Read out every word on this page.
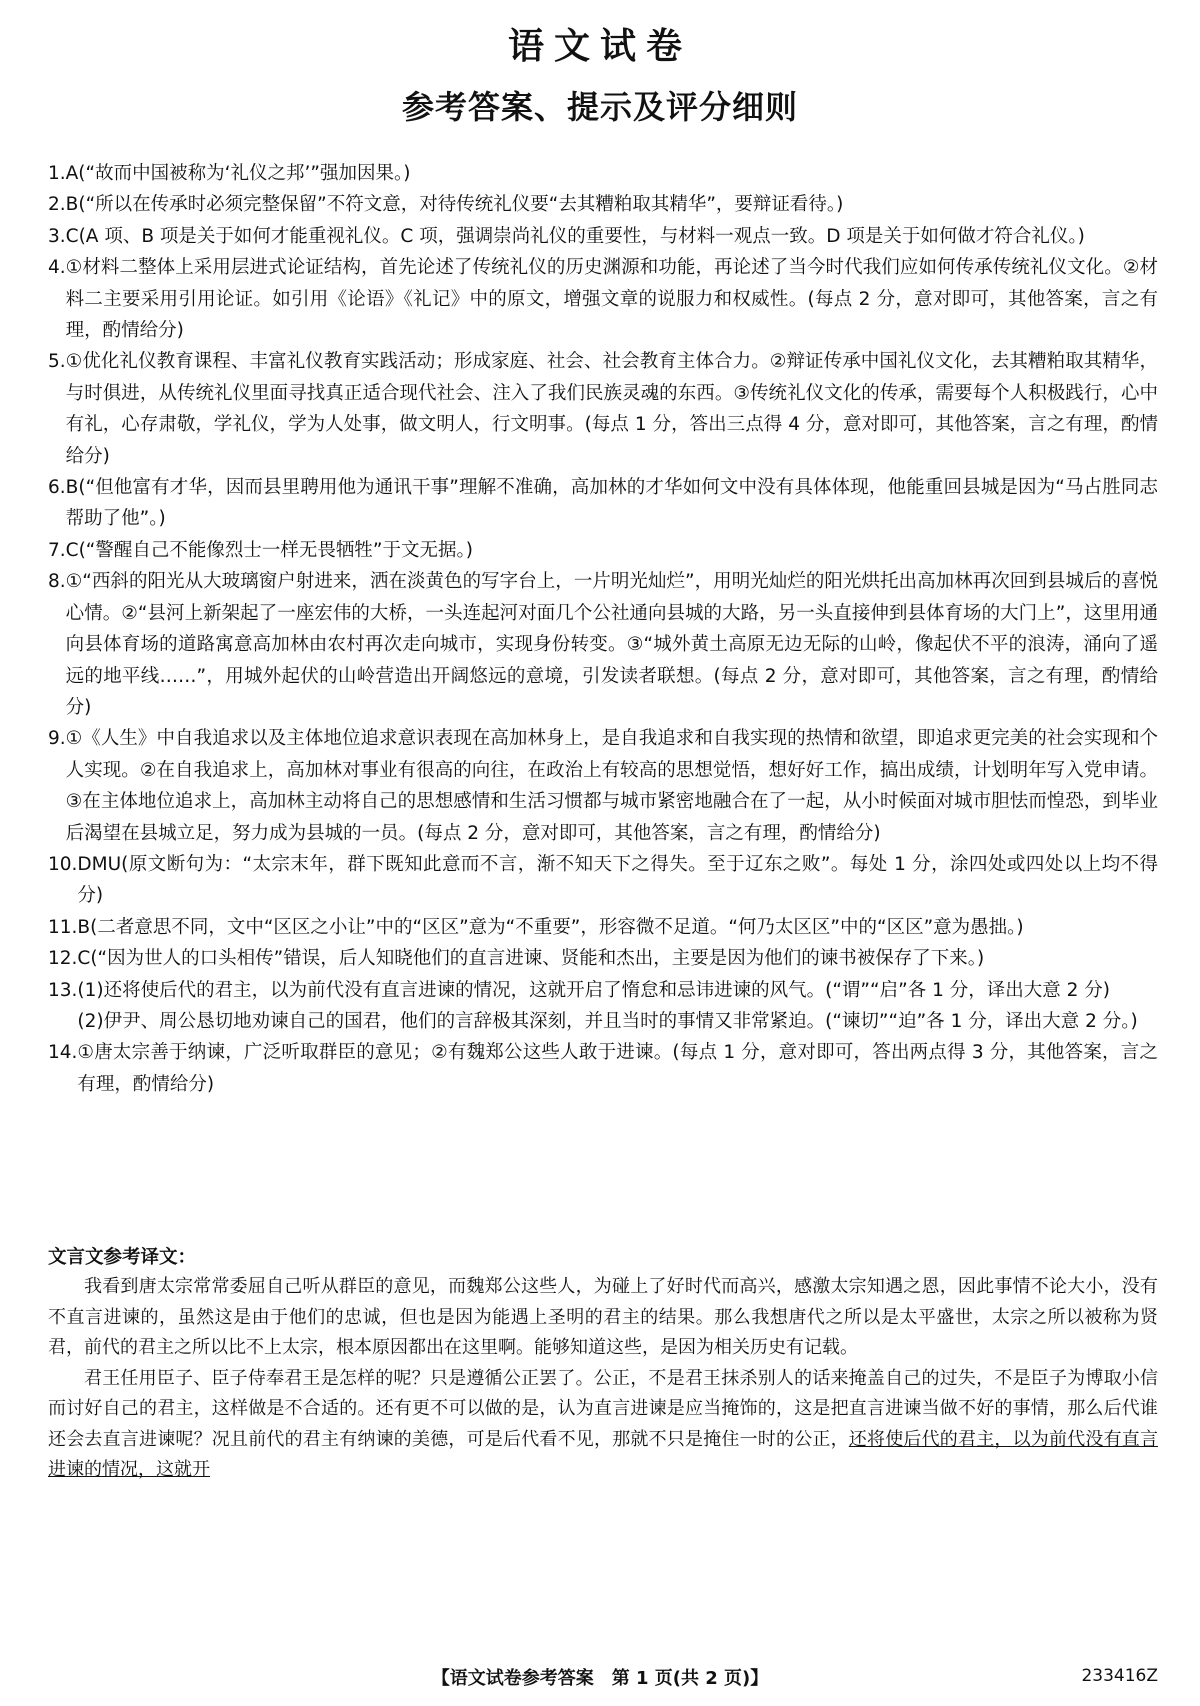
语文试卷
参考答案、提示及评分细则
1. A(“故而中国被称为‘礼仪之邦’”强加因果。)

2. B(“所以在传承时必须完整保留”不符文意，对待传统礼仪要“去其糟粕取其精华”，要辩证看待。)

3. C(A 项、B 项是关于如何才能重视礼仪。C 项，强调崇尚礼仪的重要性，与材料一观点一致。D 项是关于如何做才符合礼仪。)

4. ①材料二整体上采用层进式论证结构，首先论述了传统礼仪的历史渊源和功能，再论述了当今时代我们应如何传承传统礼仪文化。②材料二主要采用引用论证。如引用《论语》《礼记》中的原文，增强文章的说服力和权威性。(每点 2 分，意对即可，其他答案，言之有理，酌情给分)

5. ①优化礼仪教育课程、丰富礼仪教育实践活动；形成家庭、社会、社会教育主体合力。②辩证传承中国礼仪文化，去其糟粕取其精华，与时俱进，从传统礼仪里面寻找真正适合现代社会、注入了我们民族灵魂的东西。③传统礼仪文化的传承，需要每个人积极践行，心中有礼，心存肃敬，学礼仪，学为人处事，做文明人，行文明事。(每点 1 分，答出三点得 4 分，意对即可，其他答案，言之有理，酌情给分)

6. B(“但他富有才华，因而县里聘用他为通讯干事”理解不准确，高加林的才华如何文中没有具体体现，他能重回县城是因为“马占胜同志帮助了他”。)

7. C(“警醒自己不能像烈士一样无畏牺牲”于文无据。)

8. ①“西斜的阳光从大玻璃窗户射进来，洒在淡黄色的写字台上，一片明光灿烂”，用明光灿烂的阳光烘托出高加林再次回到县城后的喜悦心情。②“县河上新架起了一座宏伟的大桥，一头连起河对面几个公社通向县城的大路，另一头直接伸到县体育场的大门上”，这里用通向县体育场的道路寓意高加林由农村再次走向城市，实现身份转变。③“城外黄土高原无边无际的山岭，像起伏不平的浪涛，涌向了遥远的地平线……”，用城外起伏的山岭营造出开阔悠远的意境，引发读者联想。(每点 2 分，意对即可，其他答案，言之有理，酌情给分)

9. ①《人生》中自我追求以及主体地位追求意识表现在高加林身上，是自我追求和自我实现的热情和欲望，即追求更完美的社会实现和个人实现。②在自我追求上，高加林对事业有很高的向往，在政治上有较高的思想觉悟，想好好工作，搞出成绩，计划明年写入党申请。③在主体地位追求上，高加林主动将自己的思想感情和生活习惯都与城市紧密地融合在了一起，从小时候面对城市胆怯而惶恐，到毕业后渴望在县城立足，努力成为县城的一员。(每点 2 分，意对即可，其他答案，言之有理，酌情给分)

10. DMU(原文断句为：“太宗末年，群下既知此意而不言，渐不知天下之得失。至于辽东之败”。每处 1 分，涂四处或四处以上均不得分)

11. B(二者意思不同，文中“区区之小让”中的“区区”意为“不重要”，形容微不足道。“何乃太区区”中的“区区”意为愚拙。)

12. C(“因为世人的口头相传”错误，后人知晓他们的直言进谏、贤能和杰出，主要是因为他们的谏书被保存了下来。)

13. (1)还将使后代的君主，以为前代没有直言进谏的情况，这就开启了惰怠和忌讳进谏的风气。(“谓”“启”各 1 分，译出大意 2 分)

(2)伊尹、周公恳切地劝谏自己的国君，他们的言辞极其深刻，并且当时的事情又非常紧迫。(“谏切”“迫”各 1 分，译出大意 2 分。)

14. ①唐太宗善于纳谏，广泛听取群臣的意见；②有魏郑公这些人敢于进谏。(每点 1 分，意对即可，答出两点得 3 分，其他答案，言之有理，酌情给分)

文言文参考译文：

我看到唐太宗常常委屈自己听从群臣的意见，而魏郑公这些人，为碰上了好时代而高兴，感激太宗知遇之恩，因此事情不论大小，没有不直言进谏的，虽然这是由于他们的忠诚，但也是因为能遇上圣明的君主的结果。那么我想唐代之所以是太平盛世，太宗之所以被称为贤君，前代的君主之所以比不上太宗，根本原因都出在这里啊。能够知道这些，是因为相关历史有记载。

君王任用臣子、臣子侍奉君王是怎样的呢？只是遵循公正罢了。公正，不是君王抹杀别人的话来掩盖自己的过失，不是臣子为博取小信而讨好自己的君主，这样做是不合适的。还有更不可以做的是，认为直言进谏是应当掩饰的，这是把直言进谏当做不好的事情，那么后代谁还会去直言进谏呢？况且前代的君主有纳谏的美德，可是后代看不见，那就不只是掩住一时的公正，还将使后代的君主，以为前代没有直言进谏的情况，这就开

【语文试卷参考答案　第 1 页(共 2 页)】	233416Z
